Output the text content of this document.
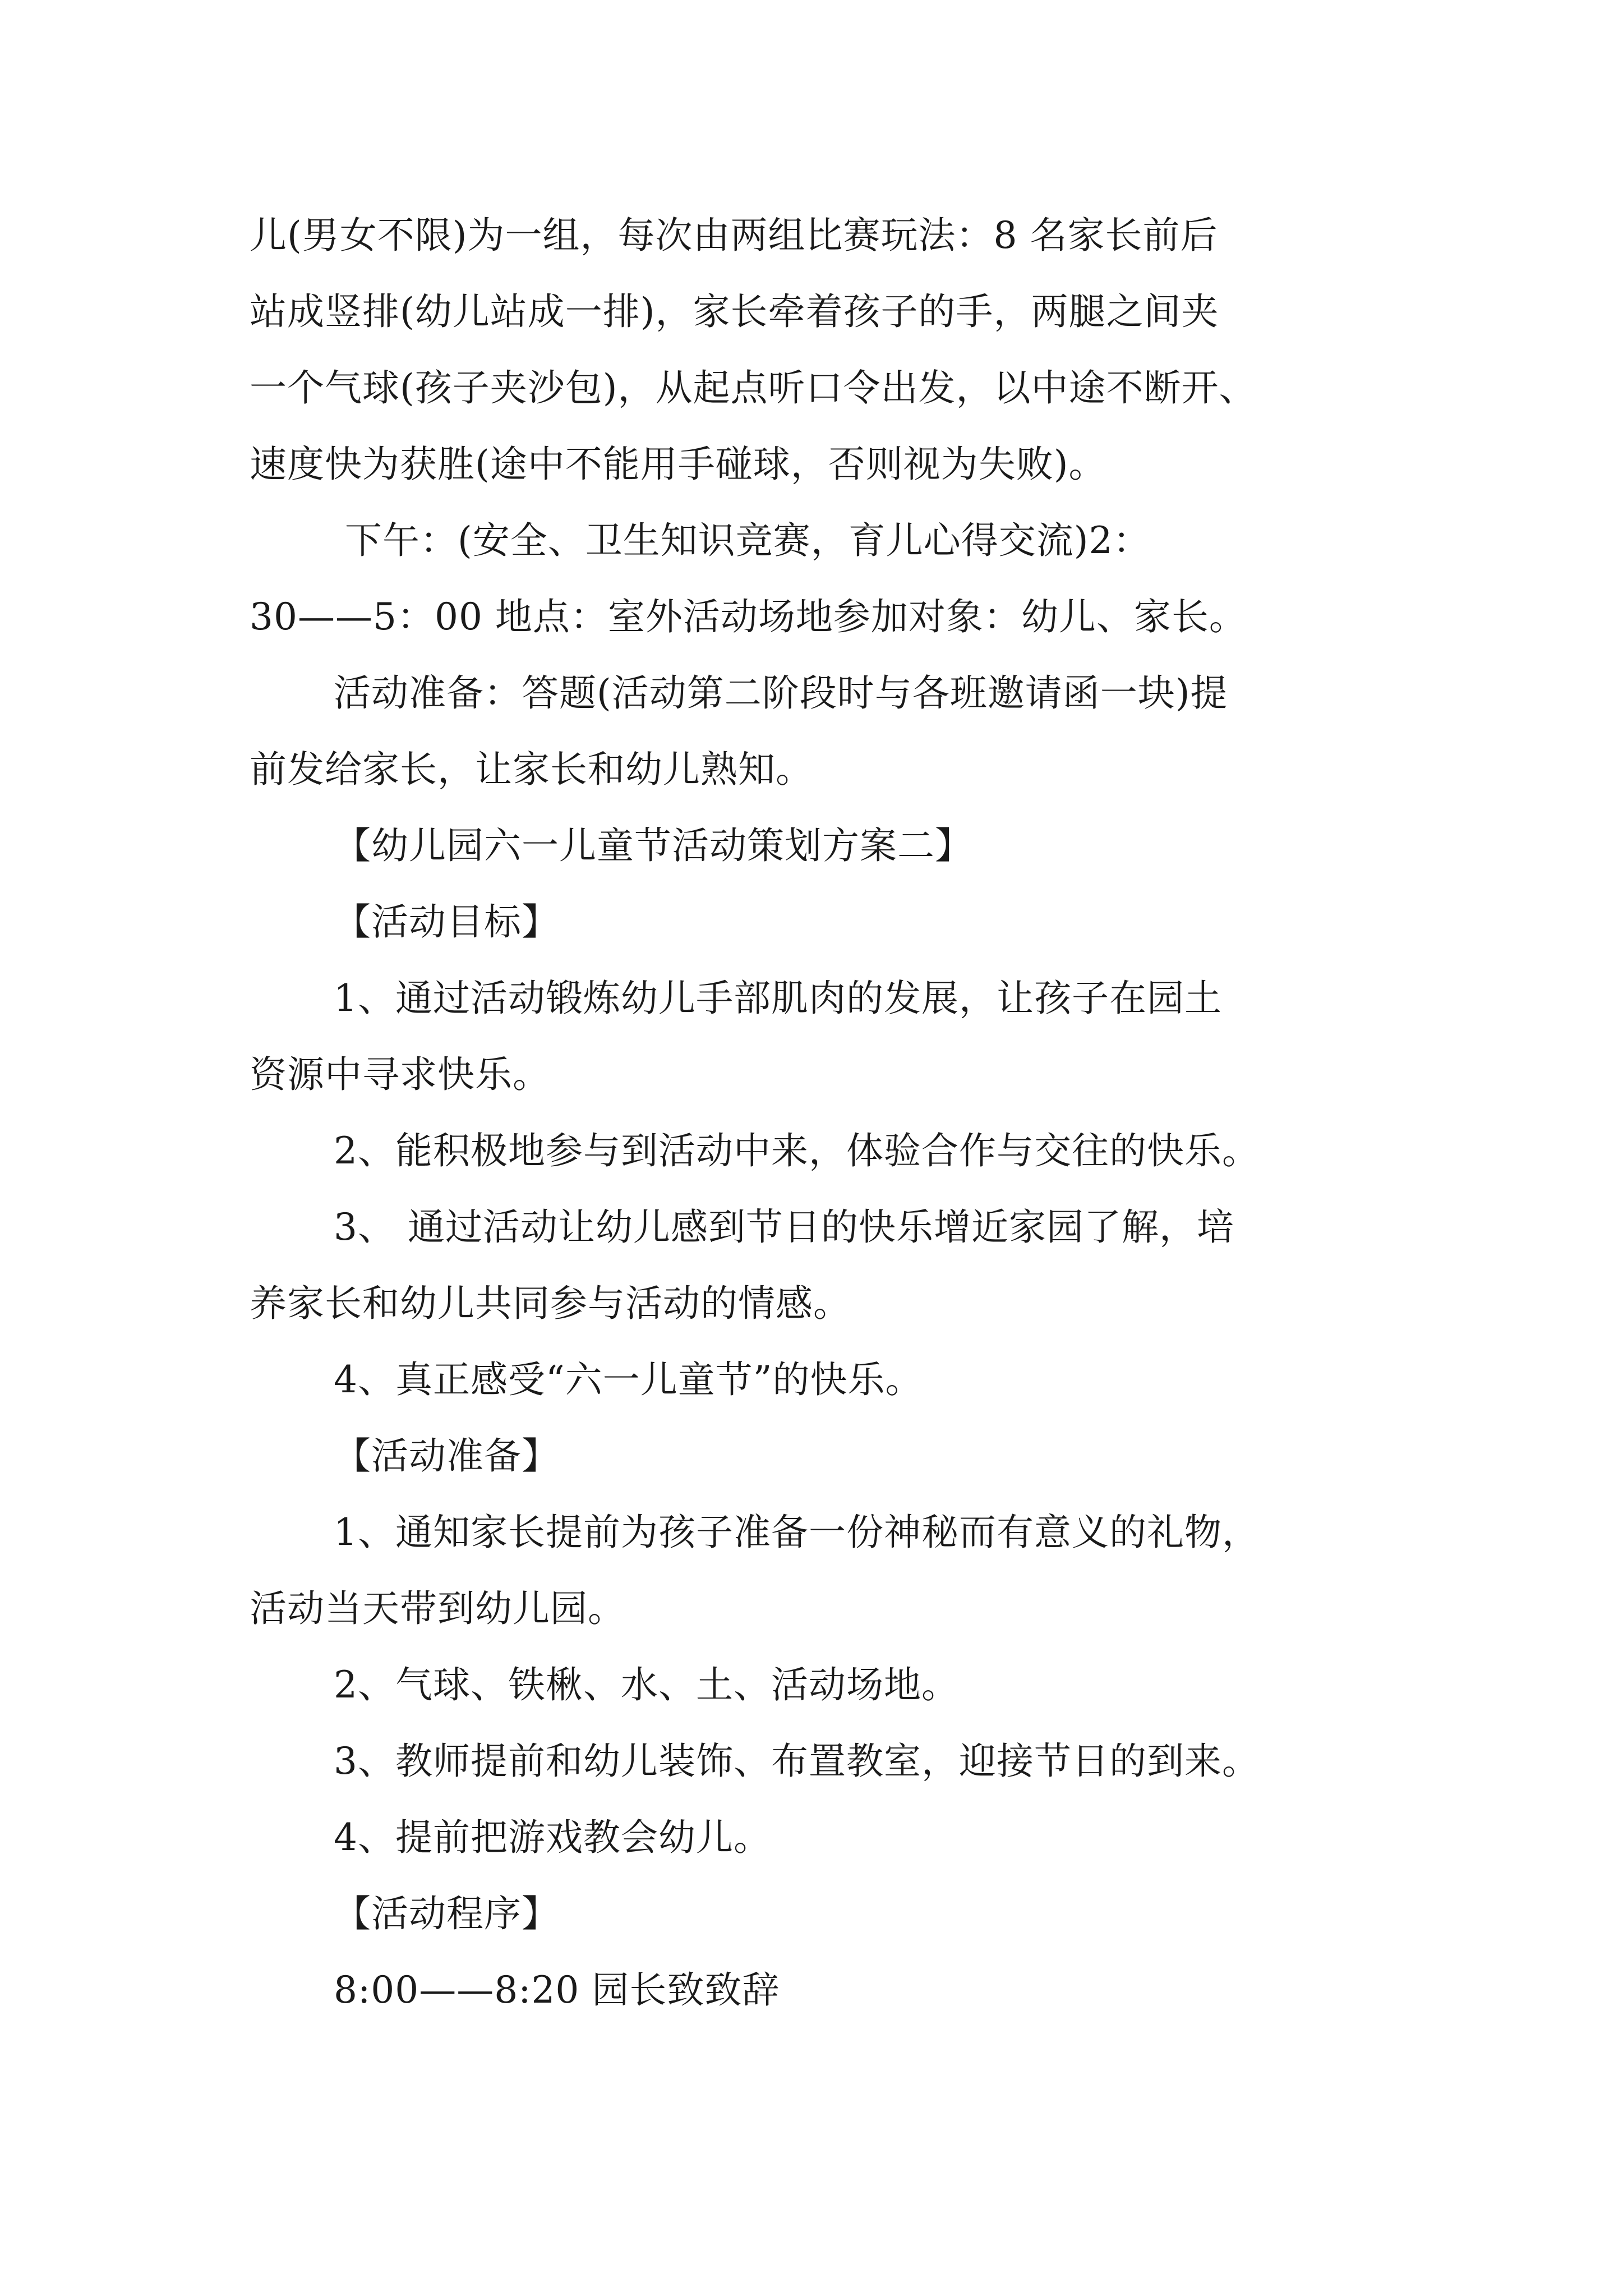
儿(男女不限)为一组，每次由两组比赛玩法：8 名家长前后
站成竖排(幼儿站成一排)，家长牵着孩子的手，两腿之间夹
一个气球(孩子夹沙包)，从起点听口令出发，以中途不断开、
速度快为获胜(途中不能用手碰球，否则视为失败)。
下午：(安全、卫生知识竞赛，育儿心得交流)2：
30——5：00 地点：室外活动场地参加对象：幼儿、家长。
活动准备：答题(活动第二阶段时与各班邀请函一块)提
前发给家长，让家长和幼儿熟知。
【幼儿园六一儿童节活动策划方案二】
【活动目标】
1、通过活动锻炼幼儿手部肌肉的发展，让孩子在园土
资源中寻求快乐。
2、能积极地参与到活动中来，体验合作与交往的快乐。
3、 通过活动让幼儿感到节日的快乐增近家园了解，培
养家长和幼儿共同参与活动的情感。
4、真正感受“六一儿童节”的快乐。
【活动准备】
1、通知家长提前为孩子准备一份神秘而有意义的礼物，
活动当天带到幼儿园。
2、气球、铁楸、水、土、活动场地。
3、教师提前和幼儿装饰、布置教室，迎接节日的到来。
4、提前把游戏教会幼儿。
【活动程序】
8:00——8:20 园长致致辞
